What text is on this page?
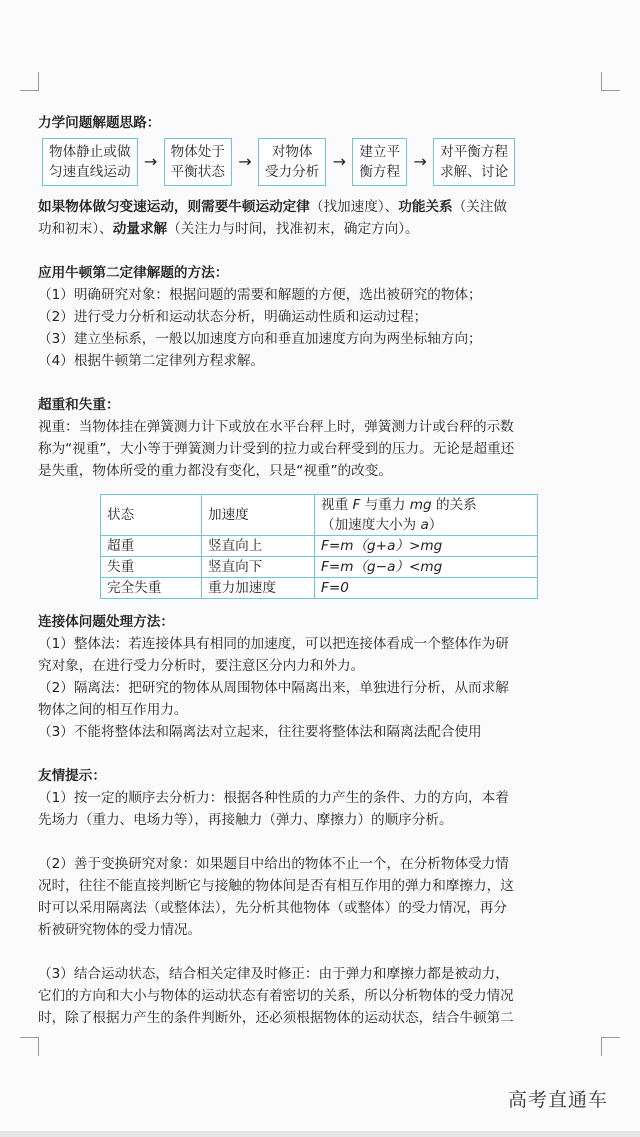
力学问题解题思路：

物体静止或做
匀速直线运动
→ 物体处于
平衡状态
→	对物体
受力分析
→ 建立平
衡方程
→ 对平衡方程
求解、讨论

如果物体做匀变速运动，则需要牛顿运动定律（找加速度）、功能关系（关注做
功和初末）、动量求解（关注力与时间，找准初末，确定方向）。

应用牛顿第二定律解题的方法：

（1）明确研究对象：根据问题的需要和解题的方便，选出被研究的物体；

（2）进行受力分析和运动状态分析，明确运动性质和运动过程；

（3）建立坐标系，一般以加速度方向和垂直加速度方向为两坐标轴方向；

（4）根据牛顿第二定律列方程求解。

超重和失重：

视重：当物体挂在弹簧测力计下或放在水平台秤上时，弹簧测力计或台秤的示数

称为“视重”，大小等于弹簧测力计受到的拉力或台秤受到的压力。无论是超重还

是失重，物体所受的重力都没有变化，只是“视重”的改变。

状态	加速度	视重 F 与重力 mg 的关系
（加速度大小为 a）
超重	竖直向上	F=m（g+a）>mg
失重	竖直向下	F=m（g−a）<mg
完全失重	重力加速度	F=0

连接体问题处理方法：

（1）整体法：若连接体具有相同的加速度，可以把连接体看成一个整体作为研

究对象，在进行受力分析时，要注意区分内力和外力。

（2）隔离法：把研究的物体从周围物体中隔离出来，单独进行分析，从而求解

物体之间的相互作用力。

（3）不能将整体法和隔离法对立起来，往往要将整体法和隔离法配合使用

友情提示：

（1）按一定的顺序去分析力：根据各种性质的力产生的条件、力的方向，本着

先场力（重力、电场力等），再接触力（弹力、摩擦力）的顺序分析。

（2）善于变换研究对象：如果题目中给出的物体不止一个，在分析物体受力情

况时，往往不能直接判断它与接触的物体间是否有相互作用的弹力和摩擦力，这

时可以采用隔离法（或整体法），先分析其他物体（或整体）的受力情况，再分

析被研究物体的受力情况。

（3）结合运动状态，结合相关定律及时修正：由于弹力和摩擦力都是被动力，

它们的方向和大小与物体的运动状态有着密切的关系，所以分析物体的受力情况

时，除了根据力产生的条件判断外，还必须根据物体的运动状态，结合牛顿第二

高考直通车
